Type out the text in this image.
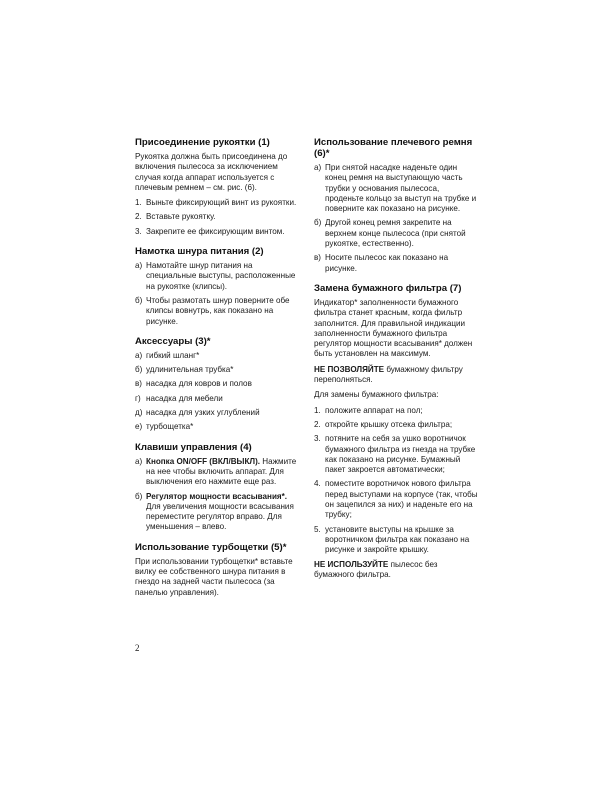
Присоединение рукоятки (1)

Рукоятка должна быть присоединена до включения пылесоса за исключением случая когда аппарат используется с плечевым ремнем – см. рис. (6).

1. Выньте фиксирующий винт из рукоятки.
2. Вставьте рукоятку.
3. Закрепите ее фиксирующим винтом.
Намотка шнура питания (2)
а) Намотайте шнур питания на специальные выступы, расположенные на рукоятке (клипсы).
б) Чтобы размотать шнур поверните обе клипсы вовнутрь, как показано на рисунке.
Аксессуары (3)*
а) гибкий шланг*
б) удлинительная трубка*
в) насадка для ковров и полов
г) насадка для мебели
д) насадка для узких углублений
е) турбощетка*
Клавиши управления (4)
а) Кнопка ON/OFF (ВКЛ/ВЫКЛ). Нажмите на нее чтобы включить аппарат. Для выключения его нажмите еще раз.
б) Регулятор мощности всасывания*. Для увеличения мощности всасывания переместите регулятор вправо. Для уменьшения – влево.
Использование турбощетки (5)*

При использовании турбощетки* вставьте вилку ее собственного шнура питания в гнездо на задней части пылесоса (за панелью управления).

Использование плечевого ремня (6)*
а) При снятой насадке наденьте один конец ремня на выступающую часть трубки у основания пылесоса, проденьте кольцо за выступ на трубке и поверните как показано на рисунке.
б) Другой конец ремня закрепите на верхнем конце пылесоса (при снятой рукоятке, естественно).
в) Носите пылесос как показано на рисунке.
Замена бумажного фильтра (7)

Индикатор* заполненности бумажного фильтра станет красным, когда фильтр заполнится. Для правильной индикации заполненности бумажного фильтра регулятор мощности всасывания* должен быть установлен на максимум.

НЕ ПОЗВОЛЯЙТЕ бумажному фильтру переполняться.

Для замены бумажного фильтра:

1. положите аппарат на пол;
2. откройте крышку отсека фильтра;
3. потяните на себя за ушко воротничок бумажного фильтра из гнезда на трубке как показано на рисунке. Бумажный пакет закроется автоматически;
4. поместите воротничок нового фильтра перед выступами на корпусе (так, чтобы он зацепился за них) и наденьте его на трубку;
5. установите выступы на крышке за воротничком фильтра как показано на рисунке и закройте крышку.

НЕ ИСПОЛЬЗУЙТЕ пылесос без бумажного фильтра.

2
